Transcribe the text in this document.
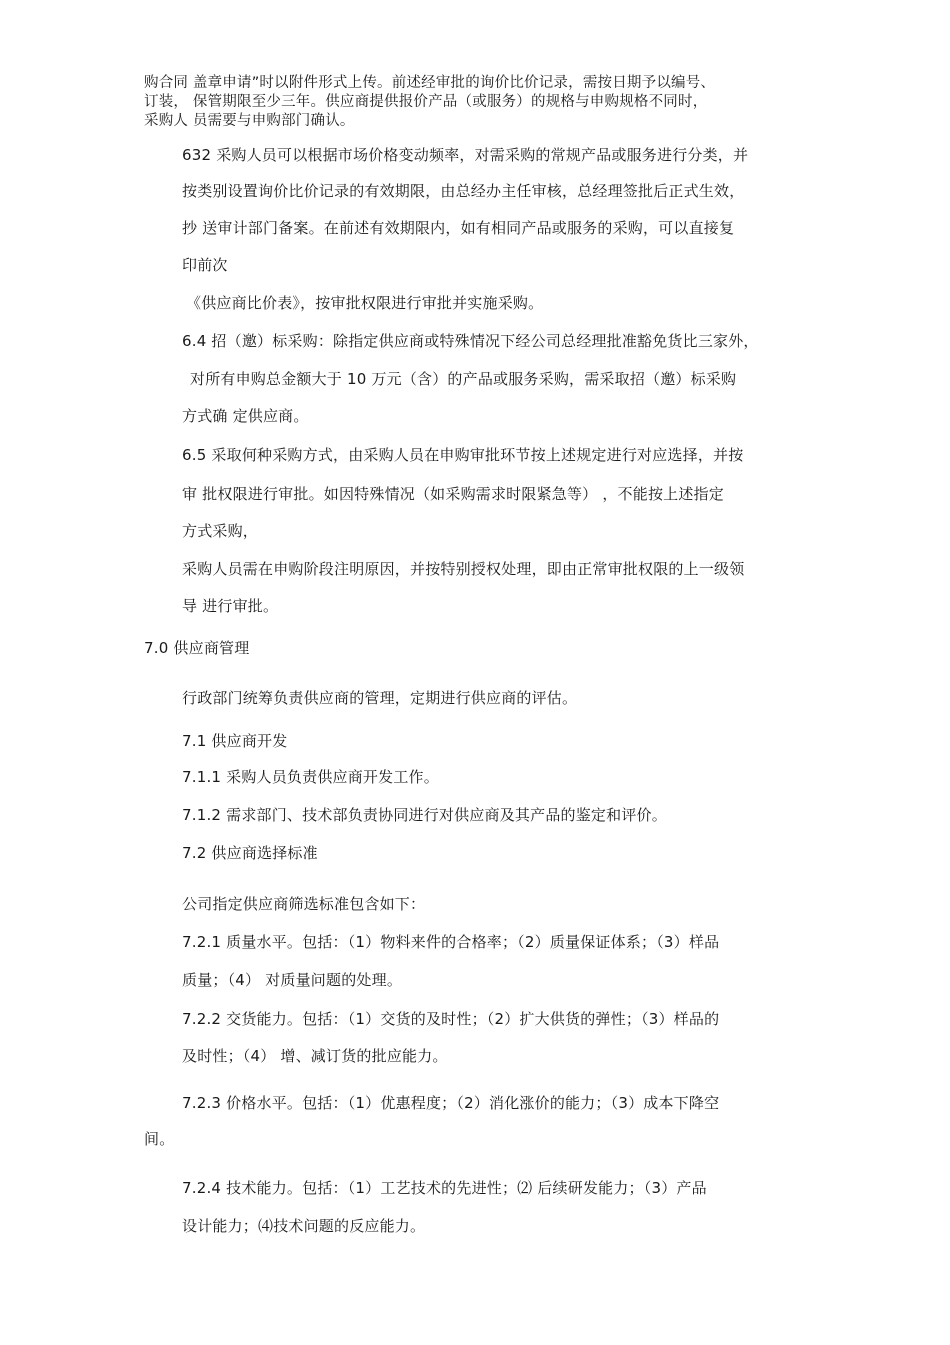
购合同 盖章申请”时以附件形式上传。前述经审批的询价比价记录，需按日期予以编号、
订装， 保管期限至少三年。供应商提供报价产品（或服务）的规格与申购规格不同时，
采购人 员需要与申购部门确认。
632 采购人员可以根据市场价格变动频率，对需采购的常规产品或服务进行分类，并
按类别设置询价比价记录的有效期限，由总经办主任审核，总经理签批后正式生效，
抄 送审计部门备案。在前述有效期限内，如有相同产品或服务的采购，可以直接复
印前次
《供应商比价表》，按审批权限进行审批并实施采购。
6.4 招（邀）标采购：除指定供应商或特殊情况下经公司总经理批准豁免货比三家外，
对所有申购总金额大于 10 万元（含）的产品或服务采购，需采取招（邀）标采购
方式确 定供应商。
6.5 采取何种采购方式，由采购人员在申购审批环节按上述规定进行对应选择，并按
审 批权限进行审批。如因特殊情况（如采购需求时限紧急等） ，不能按上述指定
方式采购，
采购人员需在申购阶段注明原因，并按特别授权处理，即由正常审批权限的上一级领
导 进行审批。
7.0 供应商管理
行政部门统筹负责供应商的管理，定期进行供应商的评估。
7.1 供应商开发
7.1.1 采购人员负责供应商开发工作。
7.1.2 需求部门、技术部负责协同进行对供应商及其产品的鉴定和评价。
7.2 供应商选择标准
公司指定供应商筛选标准包含如下：
7.2.1 质量水平。包括：（1）物料来件的合格率；（2）质量保证体系；（3）样品
质量；（4） 对质量问题的处理。
7.2.2 交货能力。包括：（1）交货的及时性；（2）扩大供货的弹性；（3）样品的
及时性；（4） 增、减订货的批应能力。
7.2.3 价格水平。包括：（1）优惠程度；（2）消化涨价的能力；（3）成本下降空
间。
7.2.4 技术能力。包括：（1）工艺技术的先进性；⑵ 后续研发能力；（3）产品
设计能力；⑷技术问题的反应能力。
